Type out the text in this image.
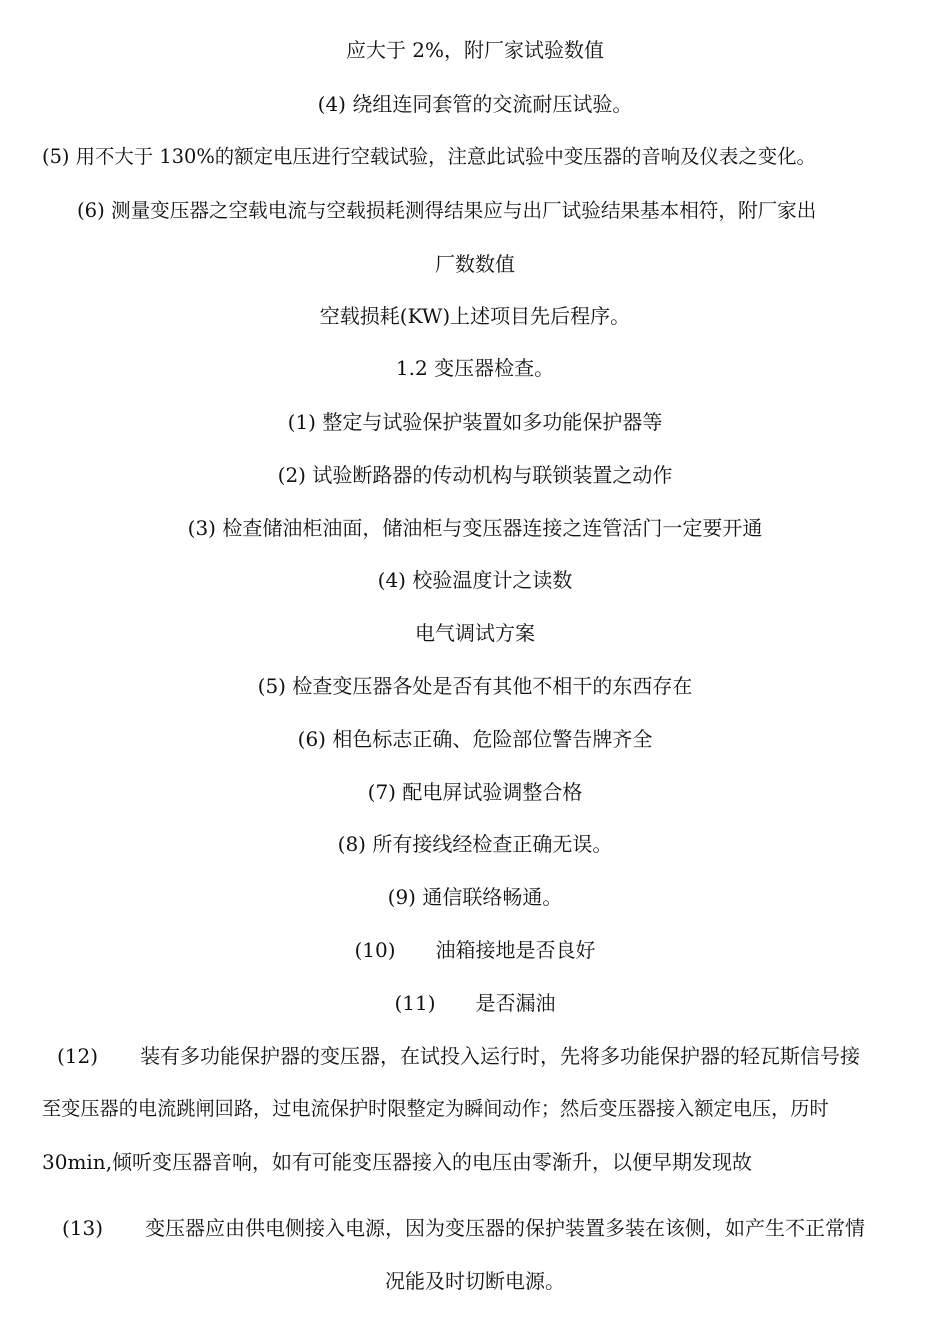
应大于 2%，附厂家试验数值
(4) 绕组连同套管的交流耐压试验。
(5) 用不大于 130%的额定电压进行空载试验，注意此试验中变压器的音响及仪表之变化。
(6) 测量变压器之空载电流与空载损耗测得结果应与出厂试验结果基本相符，附厂家出
厂数数值
空载损耗(KW)上述项目先后程序。
1.2 变压器检查。
(1) 整定与试验保护装置如多功能保护器等
(2) 试验断路器的传动机构与联锁装置之动作
(3) 检查储油柜油面，储油柜与变压器连接之连管活门一定要开通
(4) 校验温度计之读数
电气调试方案
(5) 检查变压器各处是否有其他不相干的东西存在
(6) 相色标志正确、危险部位警告牌齐全
(7) 配电屏试验调整合格
(8) 所有接线经检查正确无误。
(9) 通信联络畅通。
(10) 油箱接地是否良好
(11) 是否漏油
(12) 装有多功能保护器的变压器，在试投入运行时，先将多功能保护器的轻瓦斯信号接
至变压器的电流跳闸回路，过电流保护时限整定为瞬间动作；然后变压器接入额定电压，历时
30min,倾听变压器音响，如有可能变压器接入的电压由零渐升，以便早期发现故
(13) 变压器应由供电侧接入电源，因为变压器的保护装置多装在该侧，如产生不正常情
况能及时切断电源。
